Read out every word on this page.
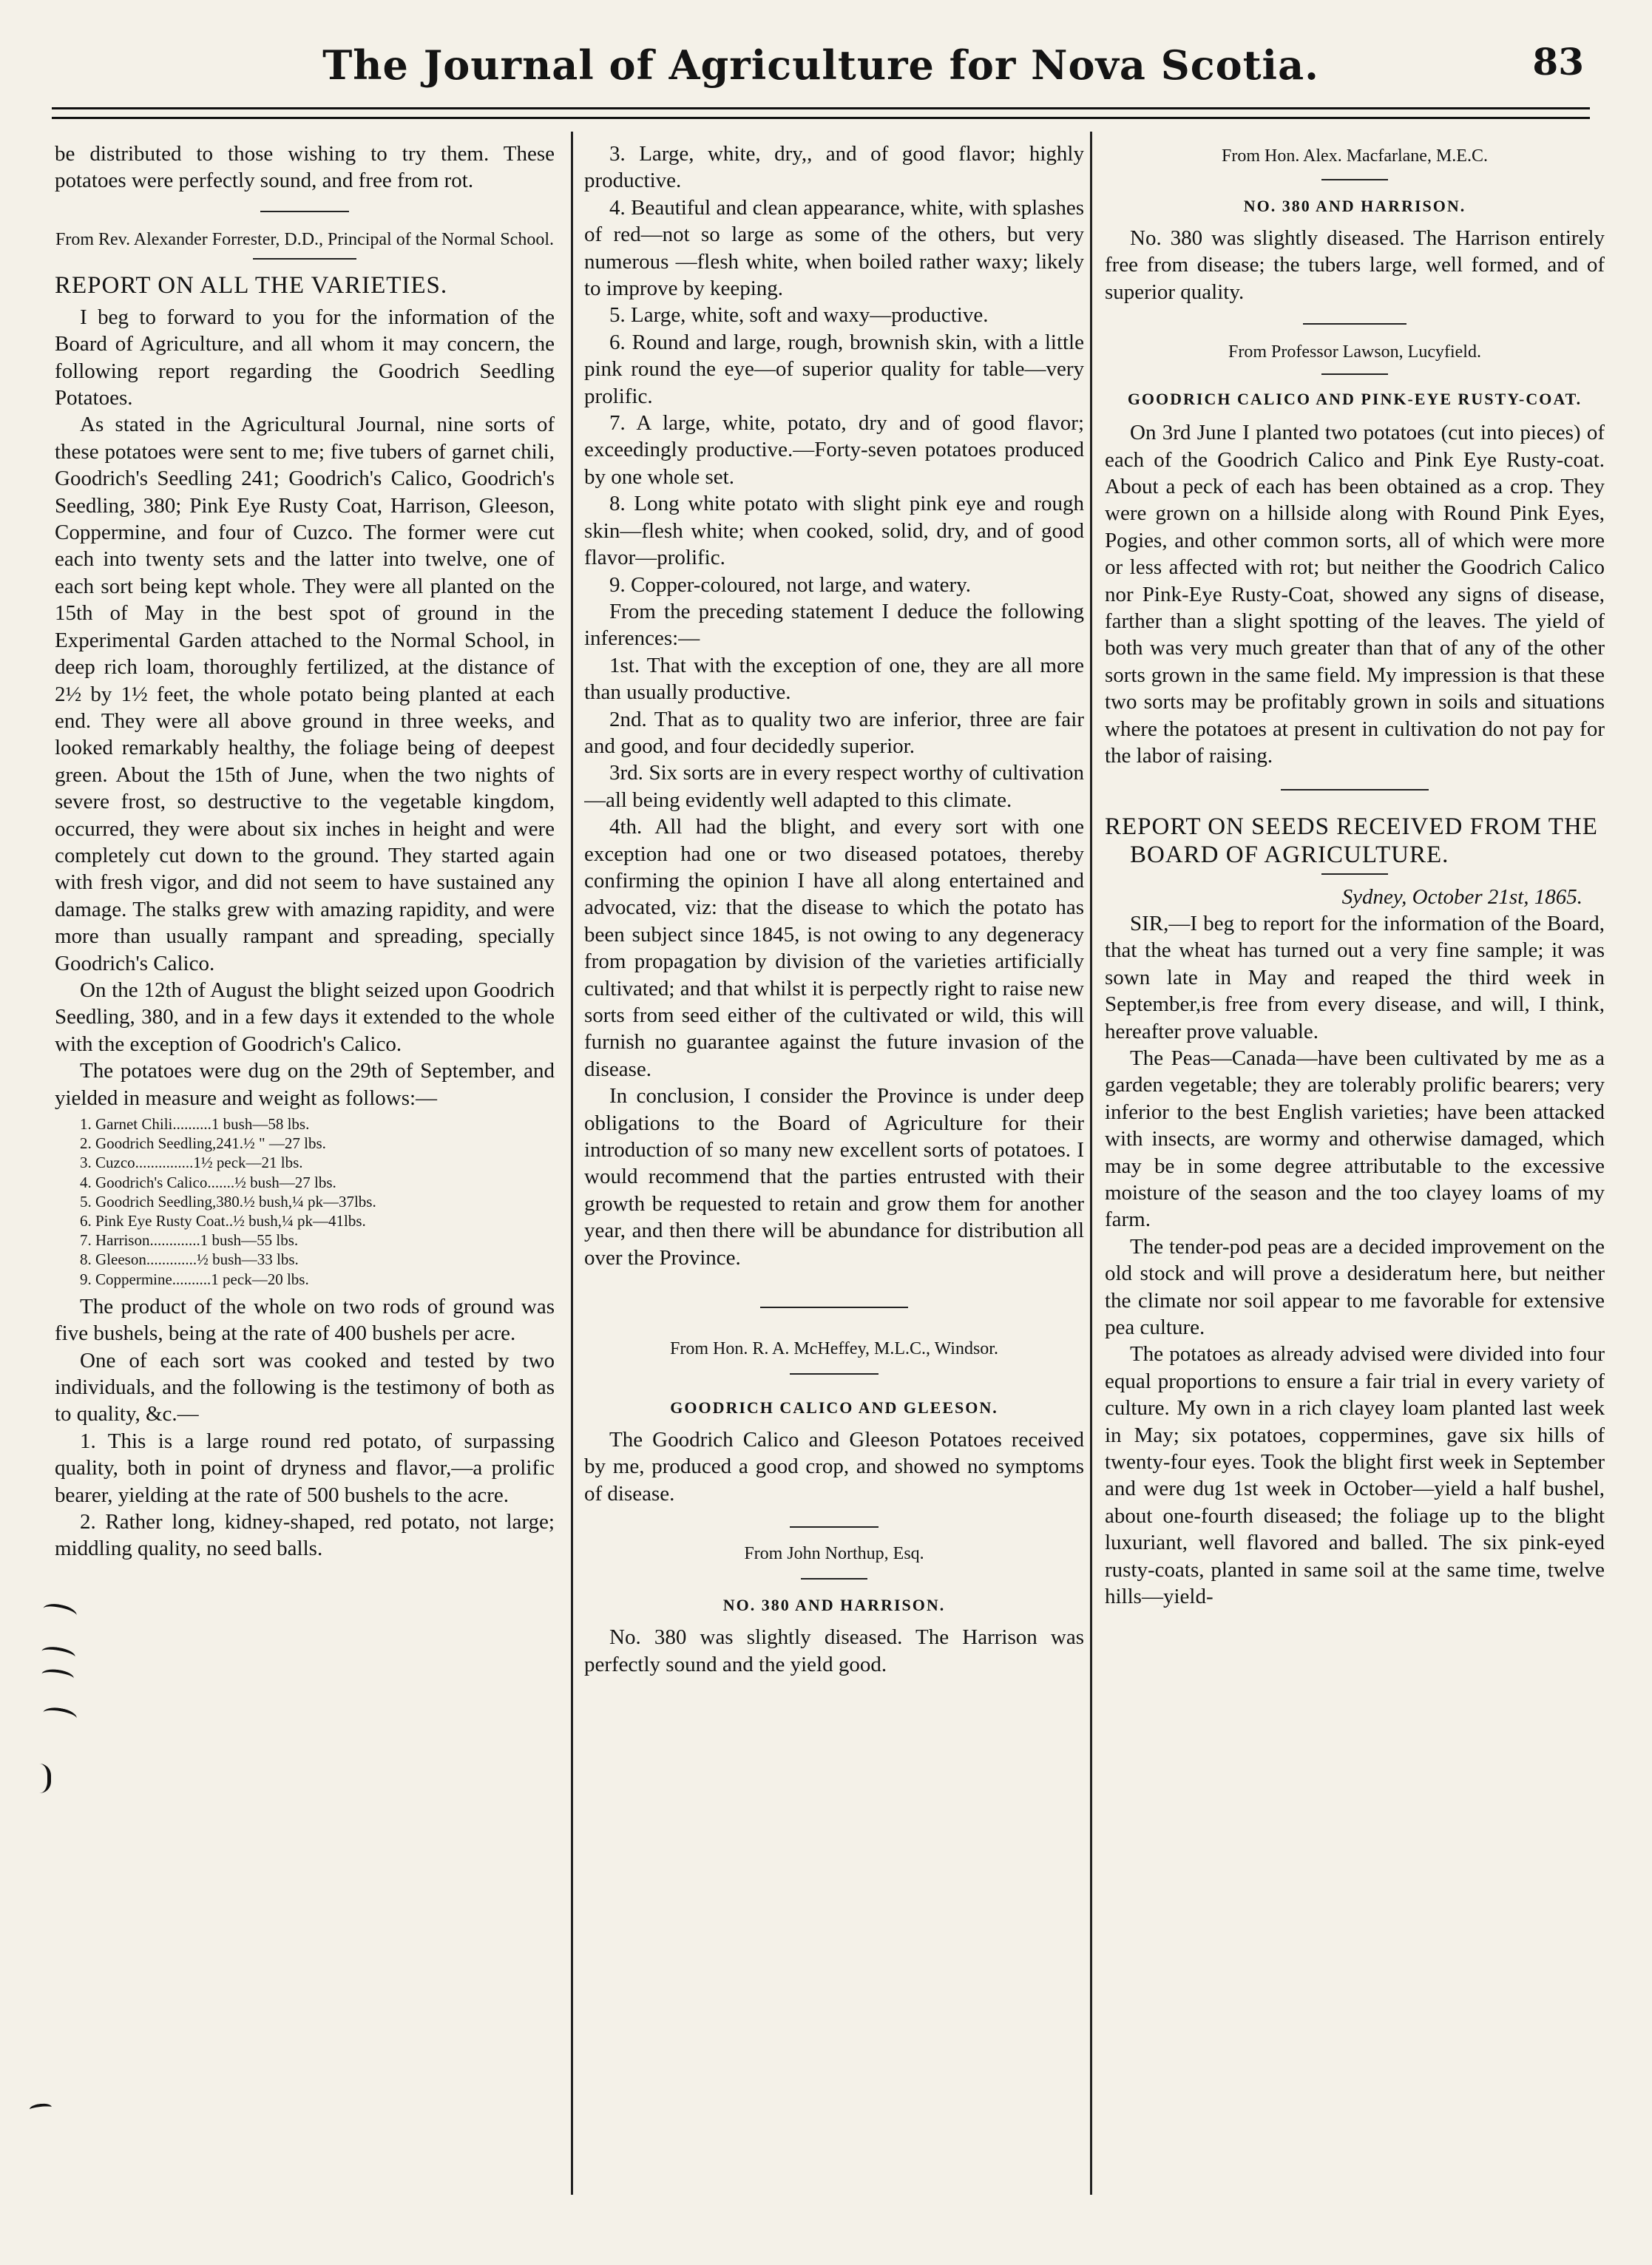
The Journal of Agriculture for Nova Scotia.	83

be distributed to those wishing to try them. These potatoes were perfectly sound, and free from rot.

From Rev. Alexander Forrester, D.D., Principal of the Normal School.

REPORT ON ALL THE VARIETIES.

I beg to forward to you for the information of the Board of Agriculture, and all whom it may concern, the following report regarding the Goodrich Seedling Potatoes.

As stated in the Agricultural Journal, nine sorts of these potatoes were sent to me; five tubers of garnet chili, Goodrich's Seedling 241; Goodrich's Calico, Goodrich's Seedling, 380; Pink Eye Rusty Coat, Harrison, Gleeson, Coppermine, and four of Cuzco. The former were cut each into twenty sets and the latter into twelve, one of each sort being kept whole. They were all planted on the 15th of May in the best spot of ground in the Experimental Garden attached to the Normal School, in deep rich loam, thoroughly fertilized, at the distance of 2½ by 1½ feet, the whole potato being planted at each end. They were all above ground in three weeks, and looked remarkably healthy, the foliage being of deepest green. About the 15th of June, when the two nights of severe frost, so destructive to the vegetable kingdom, occurred, they were about six inches in height and were completely cut down to the ground. They started again with fresh vigor, and did not seem to have sustained any damage. The stalks grew with amazing rapidity, and were more than usually rampant and spreading, specially Goodrich's Calico.

On the 12th of August the blight seized upon Goodrich Seedling, 380, and in a few days it extended to the whole with the exception of Goodrich's Calico.

The potatoes were dug on the 29th of September, and yielded in measure and weight as follows:—

1. Garnet Chili..........1 bush—58 lbs.
2. Goodrich Seedling,241.½ " —27 lbs.
3. Cuzco...............1½ peck—21 lbs.
4. Goodrich's Calico.......½ bush—27 lbs.
5. Goodrich Seedling,380.½ bush,¼ pk—37lbs.
6. Pink Eye Rusty Coat..½ bush,¼ pk—41lbs.
7. Harrison.............1 bush—55 lbs.
8. Gleeson.............½ bush—33 lbs.
9. Coppermine..........1 peck—20 lbs.

The product of the whole on two rods of ground was five bushels, being at the rate of 400 bushels per acre.

One of each sort was cooked and tested by two individuals, and the following is the testimony of both as to quality, &c.—

1. This is a large round red potato, of surpassing quality, both in point of dryness and flavor,—a prolific bearer, yielding at the rate of 500 bushels to the acre.

2. Rather long, kidney-shaped, red potato, not large; middling quality, no seed balls.

3. Large, white, dry,, and of good flavor; highly productive.

4. Beautiful and clean appearance, white, with splashes of red—not so large as some of the others, but very numerous —flesh white, when boiled rather waxy; likely to improve by keeping.

5. Large, white, soft and waxy—productive.

6. Round and large, rough, brownish skin, with a little pink round the eye—of superior quality for table—very prolific.

7. A large, white, potato, dry and of good flavor; exceedingly productive.—Forty-seven potatoes produced by one whole set.

8. Long white potato with slight pink eye and rough skin—flesh white; when cooked, solid, dry, and of good flavor—prolific.

9. Copper-coloured, not large, and watery.

From the preceding statement I deduce the following inferences:—

1st. That with the exception of one, they are all more than usually productive.

2nd. That as to quality two are inferior, three are fair and good, and four decidedly superior.

3rd. Six sorts are in every respect worthy of cultivation—all being evidently well adapted to this climate.

4th. All had the blight, and every sort with one exception had one or two diseased potatoes, thereby confirming the opinion I have all along entertained and advocated, viz: that the disease to which the potato has been subject since 1845, is not owing to any degeneracy from propagation by division of the varieties artificially cultivated; and that whilst it is perpectly right to raise new sorts from seed either of the cultivated or wild, this will furnish no guarantee against the future invasion of the disease.

In conclusion, I consider the Province is under deep obligations to the Board of Agriculture for their introduction of so many new excellent sorts of potatoes. I would recommend that the parties entrusted with their growth be requested to retain and grow them for another year, and then there will be abundance for distribution all over the Province.

From Hon. R. A. McHeffey, M.L.C., Windsor.

GOODRICH CALICO AND GLEESON.

The Goodrich Calico and Gleeson Potatoes received by me, produced a good crop, and showed no symptoms of disease.

From John Northup, Esq.

NO. 380 AND HARRISON.

No. 380 was slightly diseased. The Harrison was perfectly sound and the yield good.

From Hon. Alex. Macfarlane, M.E.C.

NO. 380 AND HARRISON.

No. 380 was slightly diseased. The Harrison entirely free from disease; the tubers large, well formed, and of superior quality.

From Professor Lawson, Lucyfield.

GOODRICH CALICO AND PINK-EYE RUSTY-COAT.

On 3rd June I planted two potatoes (cut into pieces) of each of the Goodrich Calico and Pink Eye Rusty-coat. About a peck of each has been obtained as a crop. They were grown on a hillside along with Round Pink Eyes, Pogies, and other common sorts, all of which were more or less affected with rot; but neither the Goodrich Calico nor Pink-Eye Rusty-Coat, showed any signs of disease, farther than a slight spotting of the leaves. The yield of both was very much greater than that of any of the other sorts grown in the same field. My impression is that these two sorts may be profitably grown in soils and situations where the potatoes at present in cultivation do not pay for the labor of raising.

REPORT ON SEEDS RECEIVED FROM THE BOARD OF AGRICULTURE.

Sydney, October 21st, 1865.

SIR,—I beg to report for the information of the Board, that the wheat has turned out a very fine sample; it was sown late in May and reaped the third week in September,is free from every disease, and will, I think, hereafter prove valuable.

The Peas—Canada—have been cultivated by me as a garden vegetable; they are tolerably prolific bearers; very inferior to the best English varieties; have been attacked with insects, are wormy and otherwise damaged, which may be in some degree attributable to the excessive moisture of the season and the too clayey loams of my farm.

The tender-pod peas are a decided improvement on the old stock and will prove a desideratum here, but neither the climate nor soil appear to me favorable for extensive pea culture.

The potatoes as already advised were divided into four equal proportions to ensure a fair trial in every variety of culture. My own in a rich clayey loam planted last week in May; six potatoes, coppermines, gave six hills of twenty-four eyes. Took the blight first week in September and were dug 1st week in October—yield a half bushel, about one-fourth diseased; the foliage up to the blight luxuriant, well flavored and balled. The six pink-eyed rusty-coats, planted in same soil at the same time, twelve hills—yield-
